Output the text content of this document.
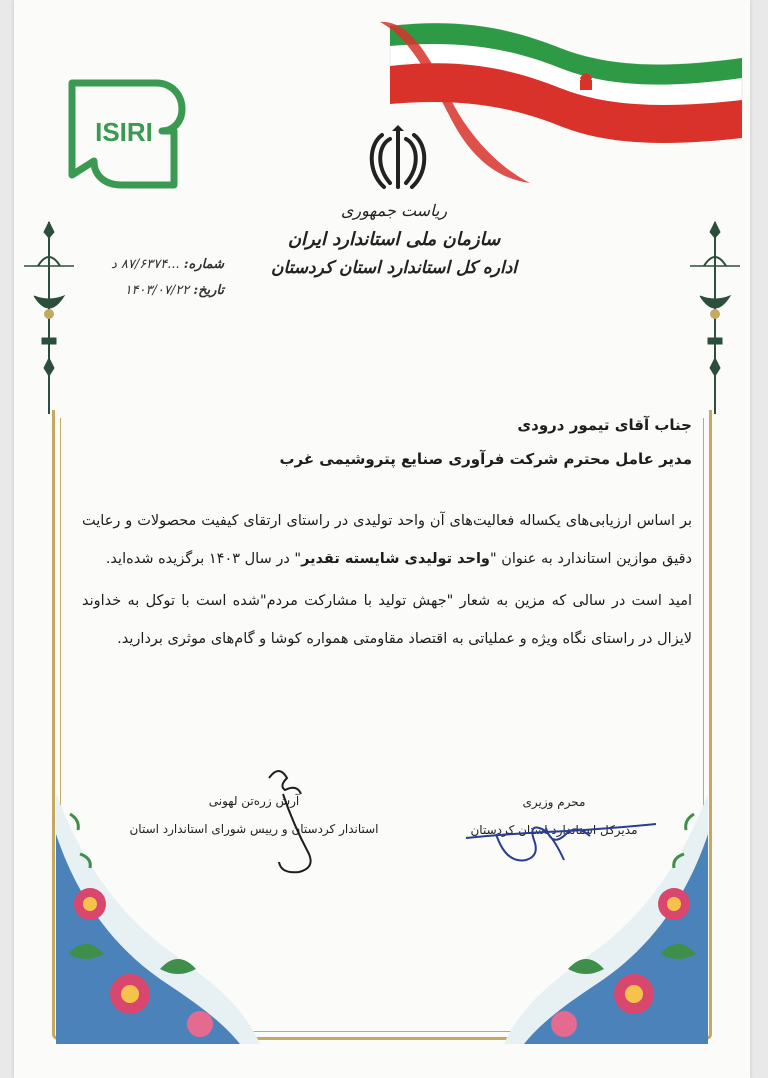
ISIRI
ریاست جمهوری
سازمان ملی استاندارد ایران
اداره کل استاندارد استان کردستان
شماره: ...۸۷/۶۳۷۴ د
تاریخ: ۱۴۰۳/۰۷/۲۲
جناب آقای تیمور درودی
مدیر عامل محترم شرکت فرآوری صنایع پتروشیمی غرب
بر اساس ارزیابی‌های یکساله فعالیت‌های آن واحد تولیدی در راستای ارتقای کیفیت محصولات و رعایت دقیق موازین استاندارد به عنوان "واحد تولیدی شایسته تقدیر" در سال ۱۴۰۳ برگزیده شده‌اید.
امید است در سالی که مزین به شعار "جهش تولید با مشارکت مردم"شده است با توکل به خداوند لایزال در راستای نگاه ویژه و عملیاتی به اقتصاد مقاومتی همواره کوشا و گام‌های موثری بردارید.
آرش زره‌تن لهونی
استاندار کردستان و رییس شورای استاندارد استان
محرم وزیری
مدیرکل استاندارد استان کردستان
